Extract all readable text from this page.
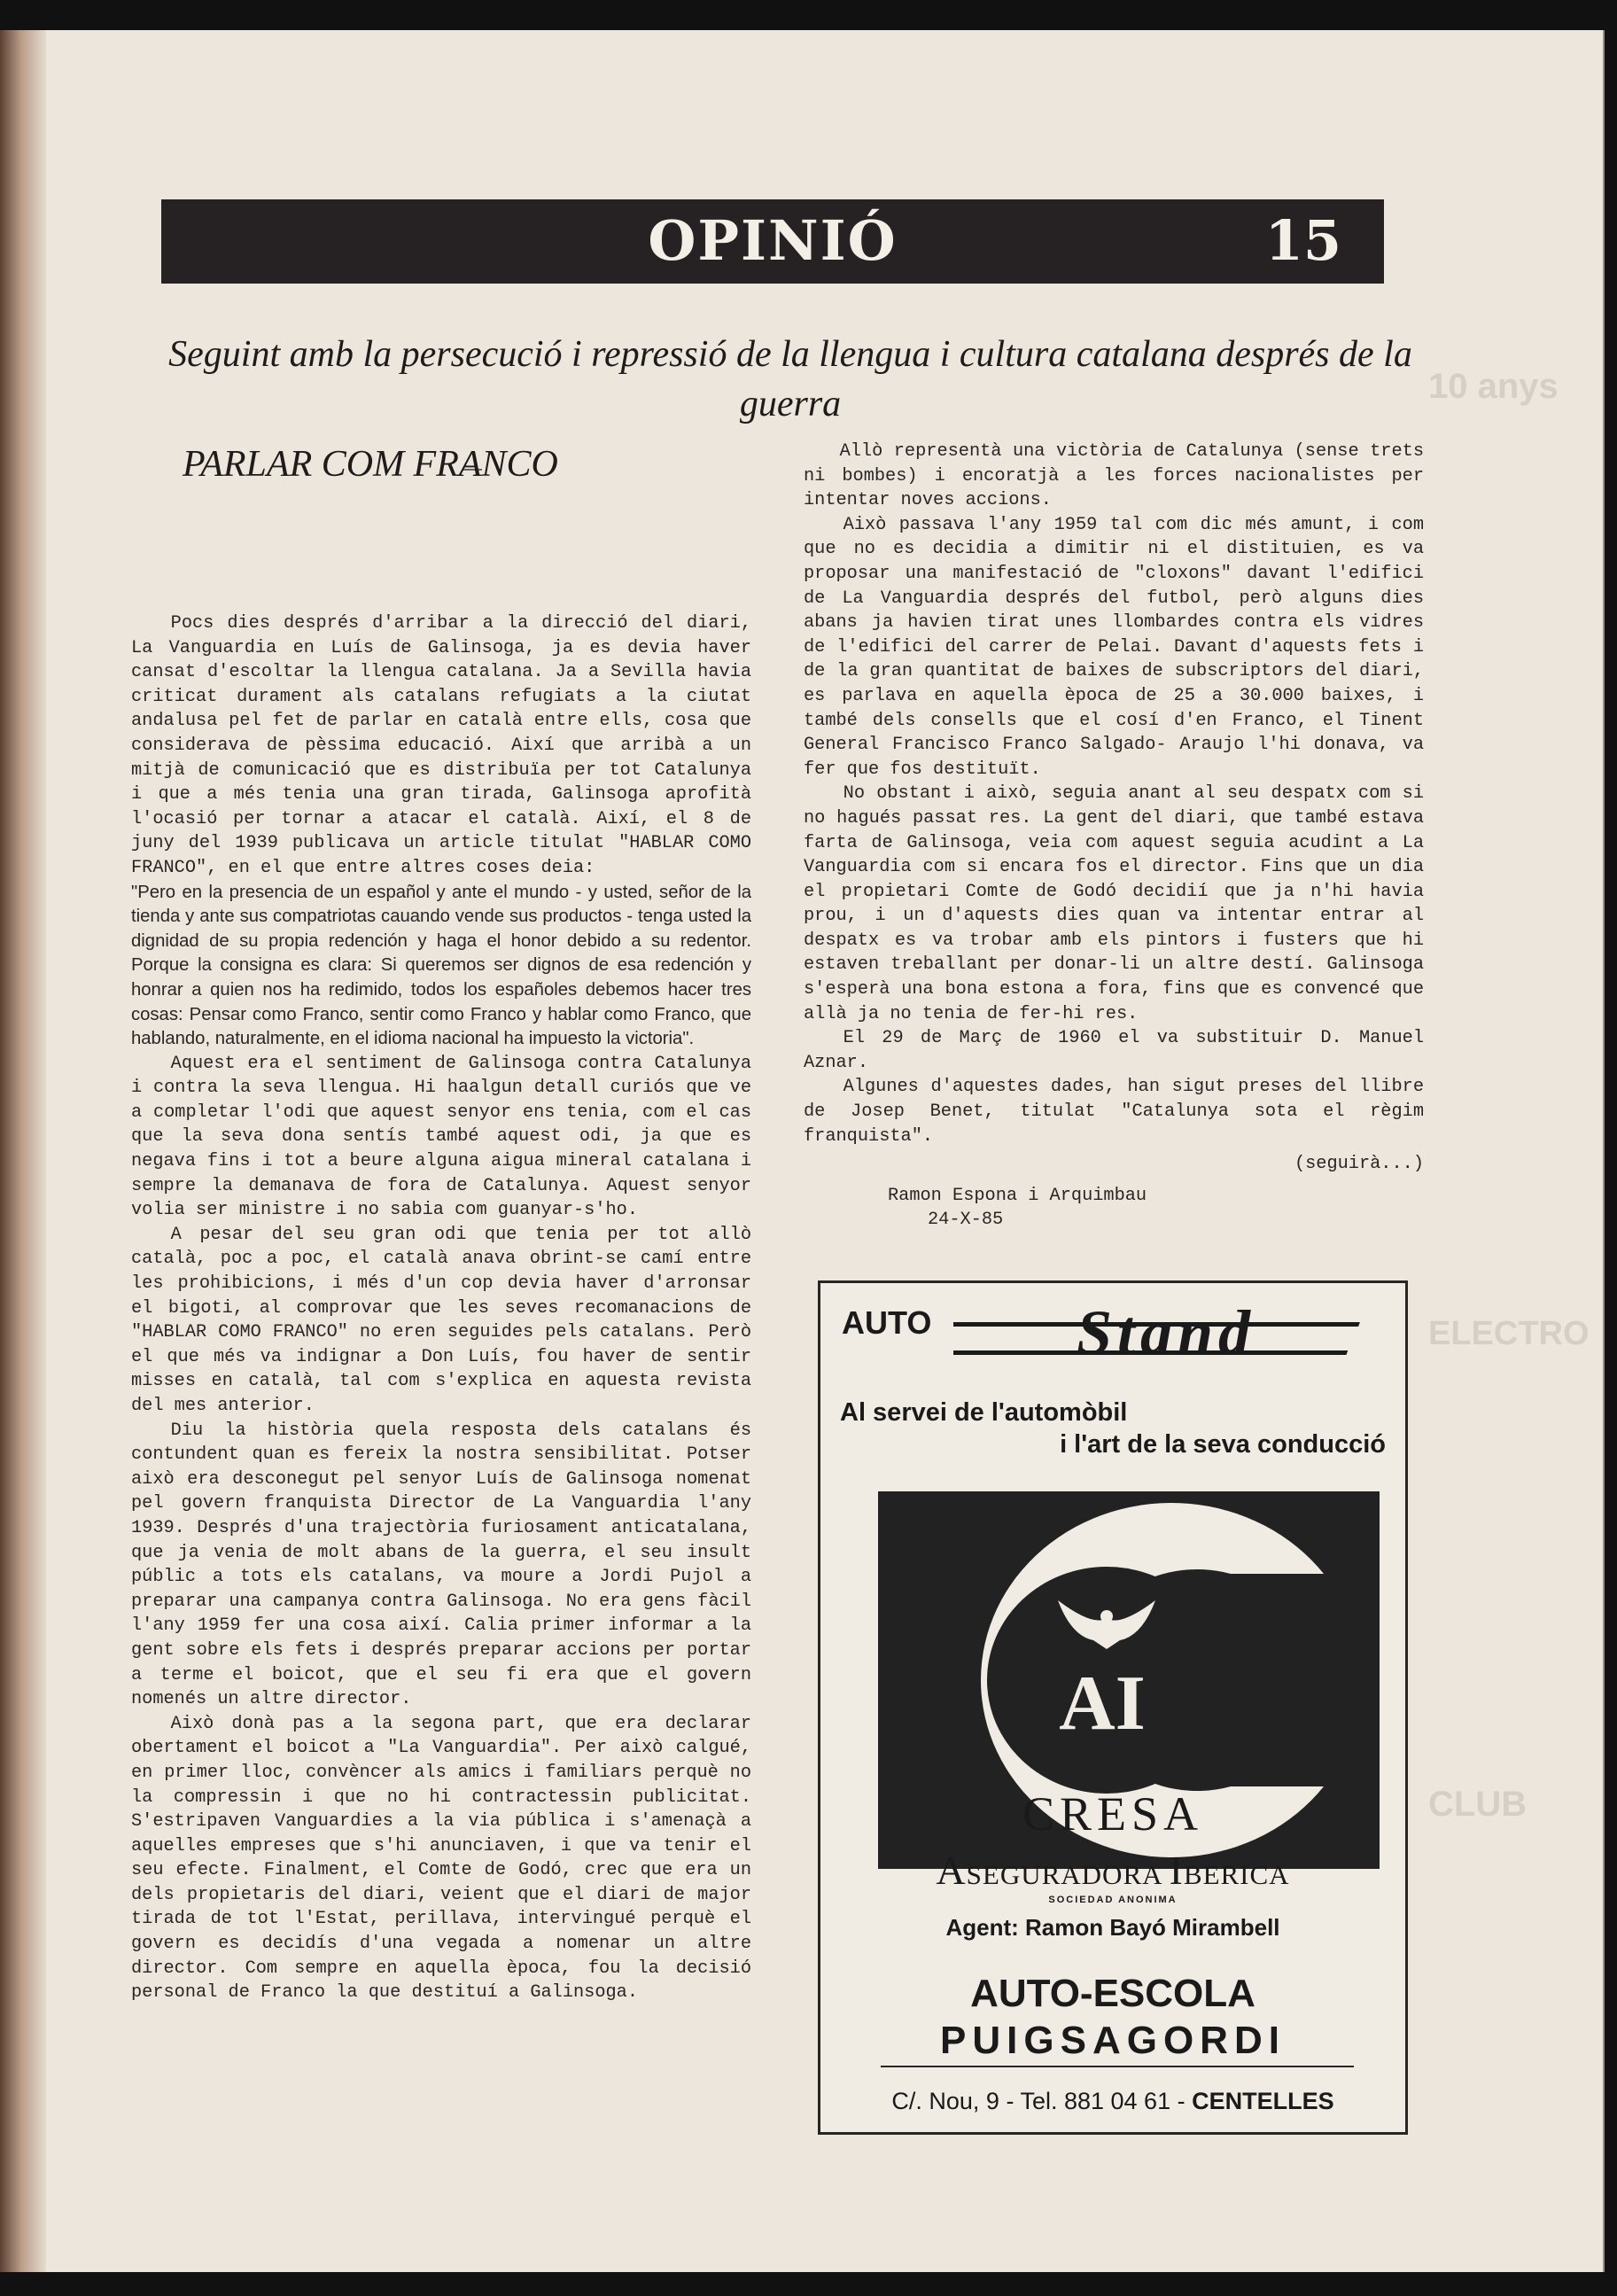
10 anys
ELECTRO
CLUB
OPINIÓ	15
Seguint amb la persecució i repressió de la llengua i cultura catalana després de la guerra
PARLAR COM FRANCO

Pocs dies després d'arribar a la direcció del diari, La Vanguardia en Luís de Galinsoga, ja es devia haver cansat d'escoltar la llengua catalana. Ja a Sevilla havia criticat durament als catalans refugiats a la ciutat andalusa pel fet de parlar en català entre ells, cosa que considerava de pèssima educació. Així que arribà a un mitjà de comunicació que es distribuïa per tot Catalunya i que a més tenia una gran tirada, Galinsoga aprofità l'ocasió per tornar a atacar el català. Així, el 8 de juny del 1939 publicava un article titulat "HABLAR COMO FRANCO", en el que entre altres coses deia:

"Pero en la presencia de un español y ante el mundo - y usted, señor de la tienda y ante sus compatriotas cauando vende sus productos - tenga usted la dignidad de su propia redención y haga el honor debido a su redentor. Porque la consigna es clara: Si queremos ser dignos de esa redención y honrar a quien nos ha redimido, todos los españoles debemos hacer tres cosas: Pensar como Franco, sentir como Franco y hablar como Franco, que hablando, naturalmente, en el idioma nacional ha impuesto la victoria".

Aquest era el sentiment de Galinsoga contra Catalunya i contra la seva llengua. Hi haalgun detall curiós que ve a completar l'odi que aquest senyor ens tenia, com el cas que la seva dona sentís també aquest odi, ja que es negava fins i tot a beure alguna aigua mineral catalana i sempre la demanava de fora de Catalunya. Aquest senyor volia ser ministre i no sabia com guanyar-s'ho.

A pesar del seu gran odi que tenia per tot allò català, poc a poc, el català anava obrint-se camí entre les prohibicions, i més d'un cop devia haver d'arronsar el bigoti, al comprovar que les seves recomanacions de "HABLAR COMO FRANCO" no eren seguides pels catalans. Però el que més va indignar a Don Luís, fou haver de sentir misses en català, tal com s'explica en aquesta revista del mes anterior.

Diu la història quela resposta dels catalans és contundent quan es fereix la nostra sensibilitat. Potser això era desconegut pel senyor Luís de Galinsoga nomenat pel govern franquista Director de La Vanguardia l'any 1939. Després d'una trajectòria furiosament anticatalana, que ja venia de molt abans de la guerra, el seu insult públic a tots els catalans, va moure a Jordi Pujol a preparar una campanya contra Galinsoga. No era gens fàcil l'any 1959 fer una cosa així. Calia primer informar a la gent sobre els fets i després preparar accions per portar a terme el boicot, que el seu fi era que el govern nomenés un altre director.

Això donà pas a la segona part, que era declarar obertament el boicot a "La Vanguardia". Per això calgué, en primer lloc, convèncer als amics i familiars perquè no la compressin i que no hi contractessin publicitat. S'estripaven Vanguardies a la via pública i s'amenaçà a aquelles empreses que s'hi anunciaven, i que va tenir el seu efecte. Finalment, el Comte de Godó, crec que era un dels propietaris del diari, veient que el diari de major tirada de tot l'Estat, perillava, intervingué perquè el govern es decidís d'una vegada a nomenar un altre director. Com sempre en aquella època, fou la decisió personal de Franco la que destituí a Galinsoga.

Allò representà una victòria de Catalunya (sense trets ni bombes) i encoratjà a les forces nacionalistes per intentar noves accions.

Això passava l'any 1959 tal com dic més amunt, i com que no es decidia a dimitir ni el distituien, es va proposar una manifestació de "cloxons" davant l'edifici de La Vanguardia després del futbol, però alguns dies abans ja havien tirat unes llombardes contra els vidres de l'edifici del carrer de Pelai. Davant d'aquests fets i de la gran quantitat de baixes de subscriptors del diari, es parlava en aquella època de 25 a 30.000 baixes, i també dels consells que el cosí d'en Franco, el Tinent General Francisco Franco Salgado- Araujo l'hi donava, va fer que fos destituït.

No obstant i això, seguia anant al seu despatx com si no hagués passat res. La gent del diari, que també estava farta de Galinsoga, veia com aquest seguia acudint a La Vanguardia com si encara fos el director. Fins que un dia el propietari Comte de Godó decidií que ja n'hi havia prou, i un d'aquests dies quan va intentar entrar al despatx es va trobar amb els pintors i fusters que hi estaven treballant per donar-li un altre destí. Galinsoga s'esperà una bona estona a fora, fins que es convencé que allà ja no tenia de fer-hi res.

El 29 de Març de 1960 el va substituir D. Manuel Aznar.

Algunes d'aquestes dades, han sigut preses del llibre de Josep Benet, titulat "Catalunya sota el règim franquista".

(seguirà...)

Ramon Espona i Arquimbau

24-X-85

AUTO Stand
Al servei de l'automòbil
i l'art de la seva conducció
AI
CRESA
ASEGURADORA IBERICA
SOCIEDAD ANONIMA
Agent: Ramon Bayó Mirambell
AUTO-ESCOLA
PUIGSAGORDI
C/. Nou, 9 - Tel. 881 04 61 - CENTELLES
